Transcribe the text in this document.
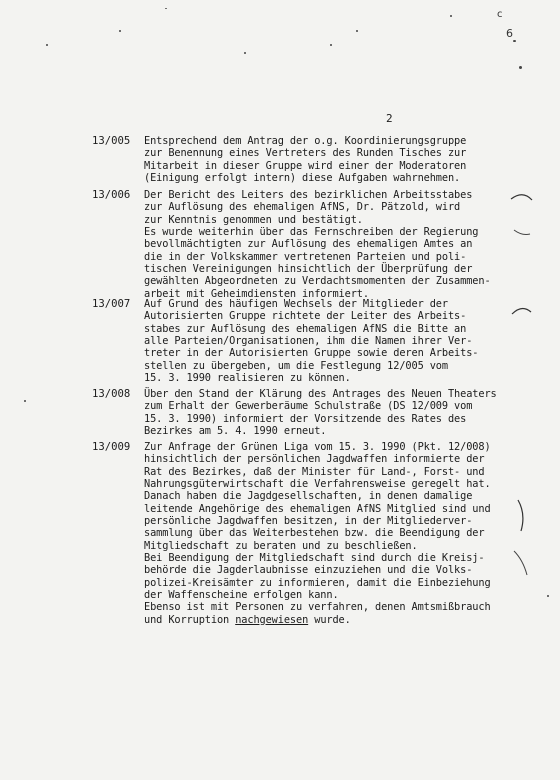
c
6
2
13/005 Entsprechend dem Antrag der o.g. Koordinierungsgruppe
zur Benennung eines Vertreters des Runden Tisches zur
Mitarbeit in dieser Gruppe wird einer der Moderatoren
(Einigung erfolgt intern) diese Aufgaben wahrnehmen.
13/006 Der Bericht des Leiters des bezirklichen Arbeitsstabes
zur Auflösung des ehemaligen AfNS, Dr. Pätzold, wird
zur Kenntnis genommen und bestätigt.
Es wurde weiterhin über das Fernschreiben der Regierung
bevollmächtigten zur Auflösung des ehemaligen Amtes an
die in der Volkskammer vertretenen Parteien und poli-
tischen Vereinigungen hinsichtlich der Überprüfung der
gewählten Abgeordneten zu Verdachtsmomenten der Zusammen-
arbeit mit Geheimdiensten informiert.
13/007 Auf Grund des häufigen Wechsels der Mitglieder der
Autorisierten Gruppe richtete der Leiter des Arbeits-
stabes zur Auflösung des ehemaligen AfNS die Bitte an
alle Parteien/Organisationen, ihm die Namen ihrer Ver-
treter in der Autorisierten Gruppe sowie deren Arbeits-
stellen zu übergeben, um die Festlegung 12/005 vom
15. 3. 1990 realisieren zu können.
13/008 Über den Stand der Klärung des Antrages des Neuen Theaters
zum Erhalt der Gewerberäume Schulstraße (DS 12/009 vom
15. 3. 1990) informiert der Vorsitzende des Rates des
Bezirkes am 5. 4. 1990 erneut.
13/009 Zur Anfrage der Grünen Liga vom 15. 3. 1990 (Pkt. 12/008)
hinsichtlich der persönlichen Jagdwaffen informierte der
Rat des Bezirkes, daß der Minister für Land-, Forst- und
Nahrungsgüterwirtschaft die Verfahrensweise geregelt hat.
Danach haben die Jagdgesellschaften, in denen damalige
leitende Angehörige des ehemaligen AfNS Mitglied sind und
persönliche Jagdwaffen besitzen, in der Mitgliederver-
sammlung über das Weiterbestehen bzw. die Beendigung der
Mitgliedschaft zu beraten und zu beschließen.
Bei Beendigung der Mitgliedschaft sind durch die Kreisj-
behörde die Jagderlaubnisse einzuziehen und die Volks-
polizei-Kreisämter zu informieren, damit die Einbeziehung
der Waffenscheine erfolgen kann.
Ebenso ist mit Personen zu verfahren, denen Amtsmißbrauch
und Korruption nachgewiesen wurde.
